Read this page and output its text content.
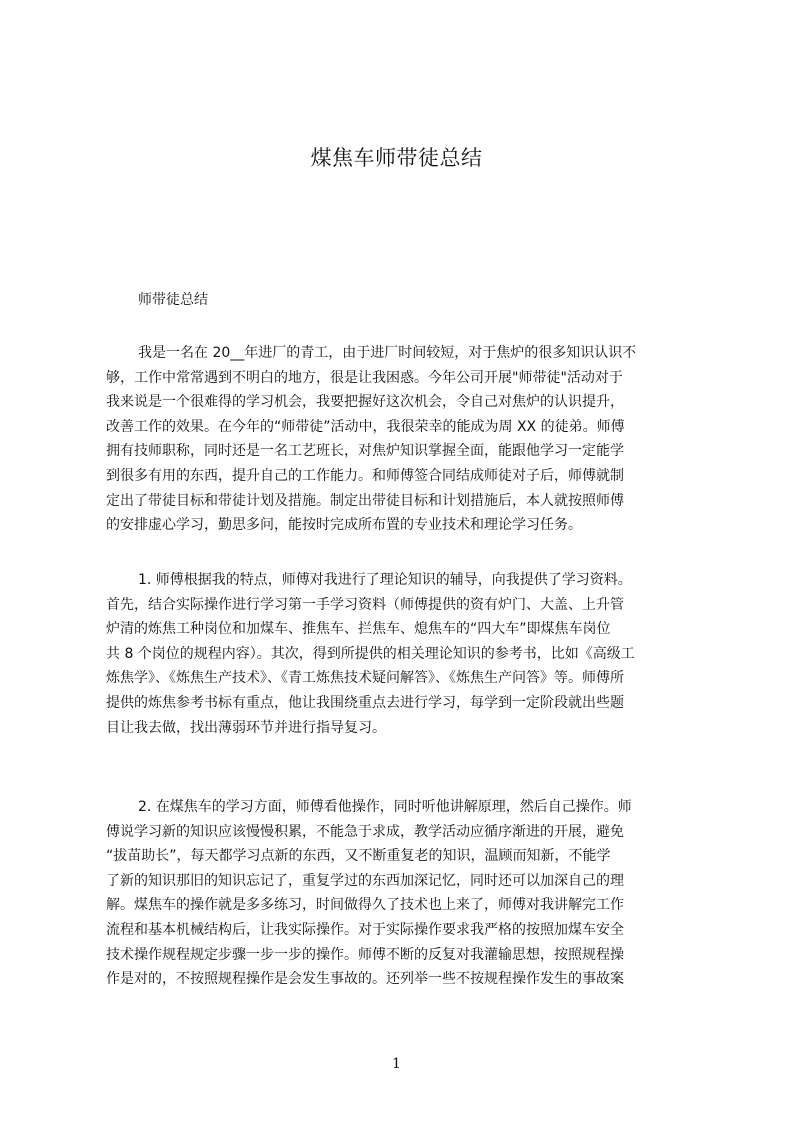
煤焦车师带徒总结

师带徒总结

我是一名在 20__年进厂的青工，由于进厂时间较短，对于焦炉的很多知识认识不
够，工作中常常遇到不明白的地方，很是让我困惑。今年公司开展"师带徒"活动对于
我来说是一个很难得的学习机会，我要把握好这次机会，令自己对焦炉的认识提升，
改善工作的效果。在今年的“师带徒”活动中，我很荣幸的能成为周 XX 的徒弟。师傅
拥有技师职称，同时还是一名工艺班长，对焦炉知识掌握全面，能跟他学习一定能学
到很多有用的东西，提升自己的工作能力。和师傅签合同结成师徒对子后，师傅就制
定出了带徒目标和带徒计划及措施。制定出带徒目标和计划措施后，本人就按照师傅
的安排虚心学习，勤思多问，能按时完成所布置的专业技术和理论学习任务。
1. 师傅根据我的特点，师傅对我进行了理论知识的辅导，向我提供了学习资料。
首先，结合实际操作进行学习第一手学习资料（师傅提供的资有炉门、大盖、上升管
炉清的炼焦工种岗位和加煤车、推焦车、拦焦车、熄焦车的“四大车”即煤焦车岗位
共 8 个岗位的规程内容）。其次，得到所提供的相关理论知识的参考书，比如《高级工
炼焦学》、《炼焦生产技术》、《青工炼焦技术疑问解答》、《炼焦生产问答》等。师傅所
提供的炼焦参考书标有重点，他让我围绕重点去进行学习，每学到一定阶段就出些题
目让我去做，找出薄弱环节并进行指导复习。
2. 在煤焦车的学习方面，师傅看他操作，同时听他讲解原理，然后自己操作。师
傅说学习新的知识应该慢慢积累，不能急于求成，教学活动应循序渐进的开展，避免
“拔苗助长”，每天都学习点新的东西，又不断重复老的知识，温顾而知新，不能学
了新的知识那旧的知识忘记了，重复学过的东西加深记忆，同时还可以加深自己的理
解。煤焦车的操作就是多多练习，时间做得久了技术也上来了，师傅对我讲解完工作
流程和基本机械结构后，让我实际操作。对于实际操作要求我严格的按照加煤车安全
技术操作规程规定步骤一步一步的操作。师傅不断的反复对我灌输思想，按照规程操
作是对的，不按照规程操作是会发生事故的。还列举一些不按规程操作发生的事故案

1
